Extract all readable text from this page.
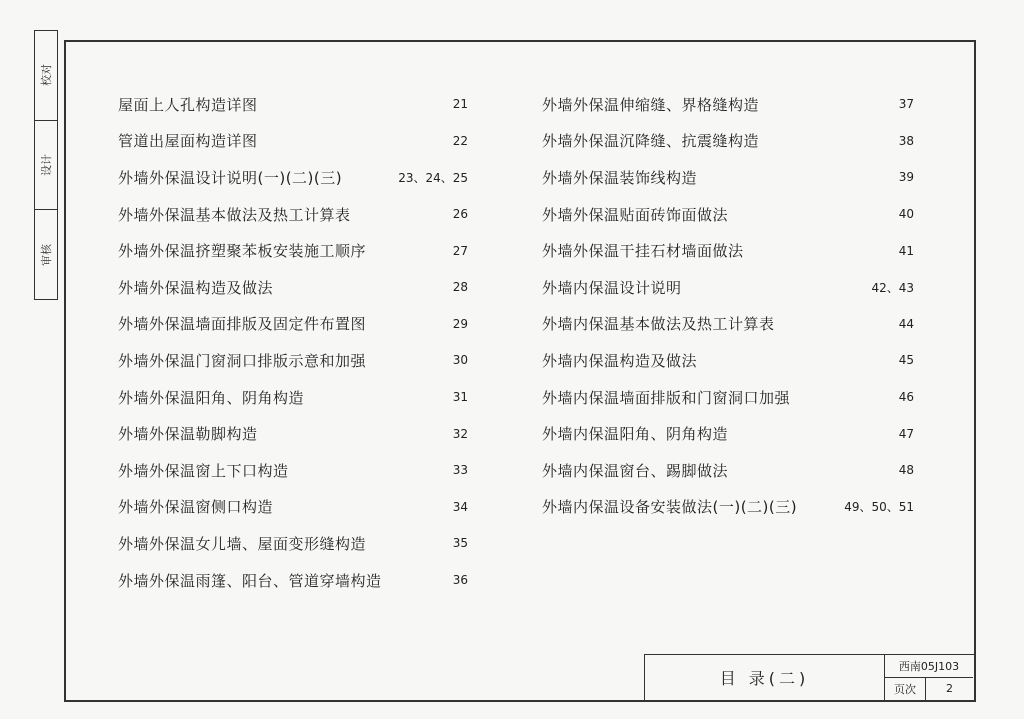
校对
设计
审核
屋面上人孔构造详图	21
管道出屋面构造详图	22
外墙外保温设计说明(一)(二)(三)	23、24、25
外墙外保温基本做法及热工计算表	26
外墙外保温挤塑聚苯板安装施工顺序	27
外墙外保温构造及做法	28
外墙外保温墙面排版及固定件布置图	29
外墙外保温门窗洞口排版示意和加强	30
外墙外保温阳角、阴角构造	31
外墙外保温勒脚构造	32
外墙外保温窗上下口构造	33
外墙外保温窗侧口构造	34
外墙外保温女儿墙、屋面变形缝构造	35
外墙外保温雨篷、阳台、管道穿墙构造	36
外墙外保温伸缩缝、界格缝构造	37
外墙外保温沉降缝、抗震缝构造	38
外墙外保温装饰线构造	39
外墙外保温贴面砖饰面做法	40
外墙外保温干挂石材墙面做法	41
外墙内保温设计说明	42、43
外墙内保温基本做法及热工计算表	44
外墙内保温构造及做法	45
外墙内保温墙面排版和门窗洞口加强	46
外墙内保温阳角、阴角构造	47
外墙内保温窗台、踢脚做法	48
外墙内保温设备安装做法(一)(二)(三)	49、50、51
目 录(二)
西南05J103
页次	2
